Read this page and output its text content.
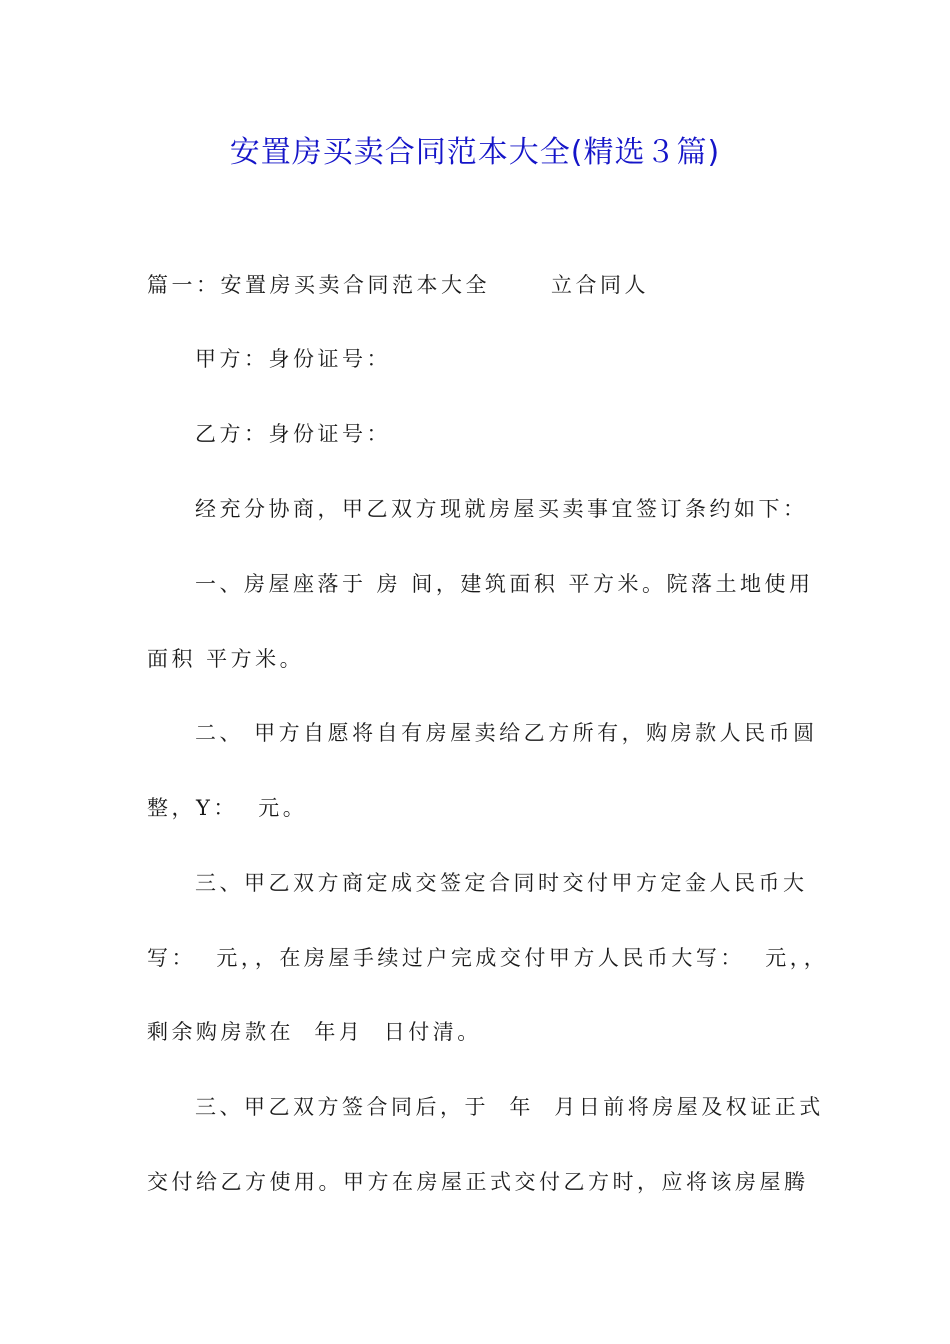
安置房买卖合同范本大全(精选３篇)
篇一：安置房买卖合同范本大全      立合同人
甲方：身份证号：
乙方：身份证号：
经充分协商，甲乙双方现就房屋买卖事宜签订条约如下：
一、房屋座落于 房 间，建筑面积 平方米。院落土地使用
面积 平方米。
二、 甲方自愿将自有房屋卖给乙方所有，购房款人民币圆
整，Y：  元。
三、甲乙双方商定成交签定合同时交付甲方定金人民币大
写：  元，，在房屋手续过户完成交付甲方人民币大写：  元，，
剩余购房款在  年月  日付清。
三、甲乙双方签合同后，于  年  月日前将房屋及权证正式
交付给乙方使用。甲方在房屋正式交付乙方时，应将该房屋腾
